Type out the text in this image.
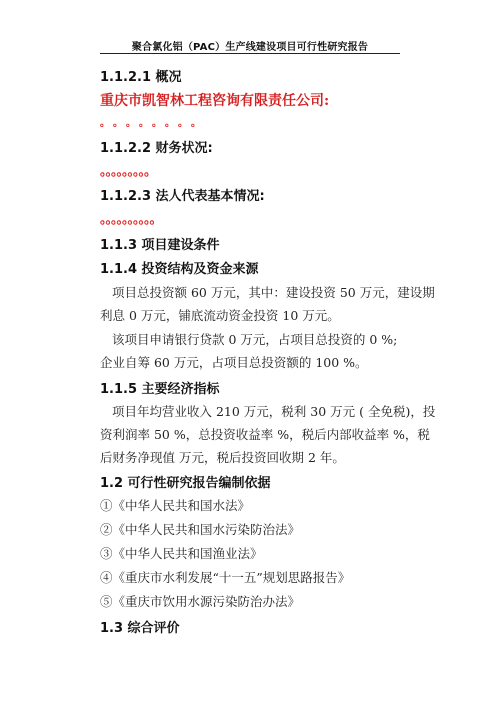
聚合氯化铝（PAC）生产线建设项目可行性研究报告
1.1.2.1 概况
重庆市凯智林工程咨询有限责任公司:
。。。。。。。。
1.1.2.2 财务状况:
。。。。。。。。。
1.1.2.3 法人代表基本情况:
。。。。。。。。。。
1.1.3 项目建设条件
1.1.4 投资结构及资金来源
项目总投资额 60 万元，其中：建设投资 50 万元，建设期
利息 0 万元，铺底流动资金投资 10 万元。
该项目申请银行贷款 0 万元，占项目总投资的 0 %;
企业自筹 60 万元，占项目总投资额的 100 %。
1.1.5 主要经济指标
项目年均营业收入 210 万元，税利 30 万元 ( 全免税)，投
资利润率 50 %，总投资收益率 %，税后内部收益率 %，税
后财务净现值 万元，税后投资回收期 2 年。
1.2 可行性研究报告编制依据
①《中华人民共和国水法》
②《中华人民共和国水污染防治法》
③《中华人民共和国渔业法》
④《重庆市水利发展“十一五”规划思路报告》
⑤《重庆市饮用水源污染防治办法》
1.3 综合评价
